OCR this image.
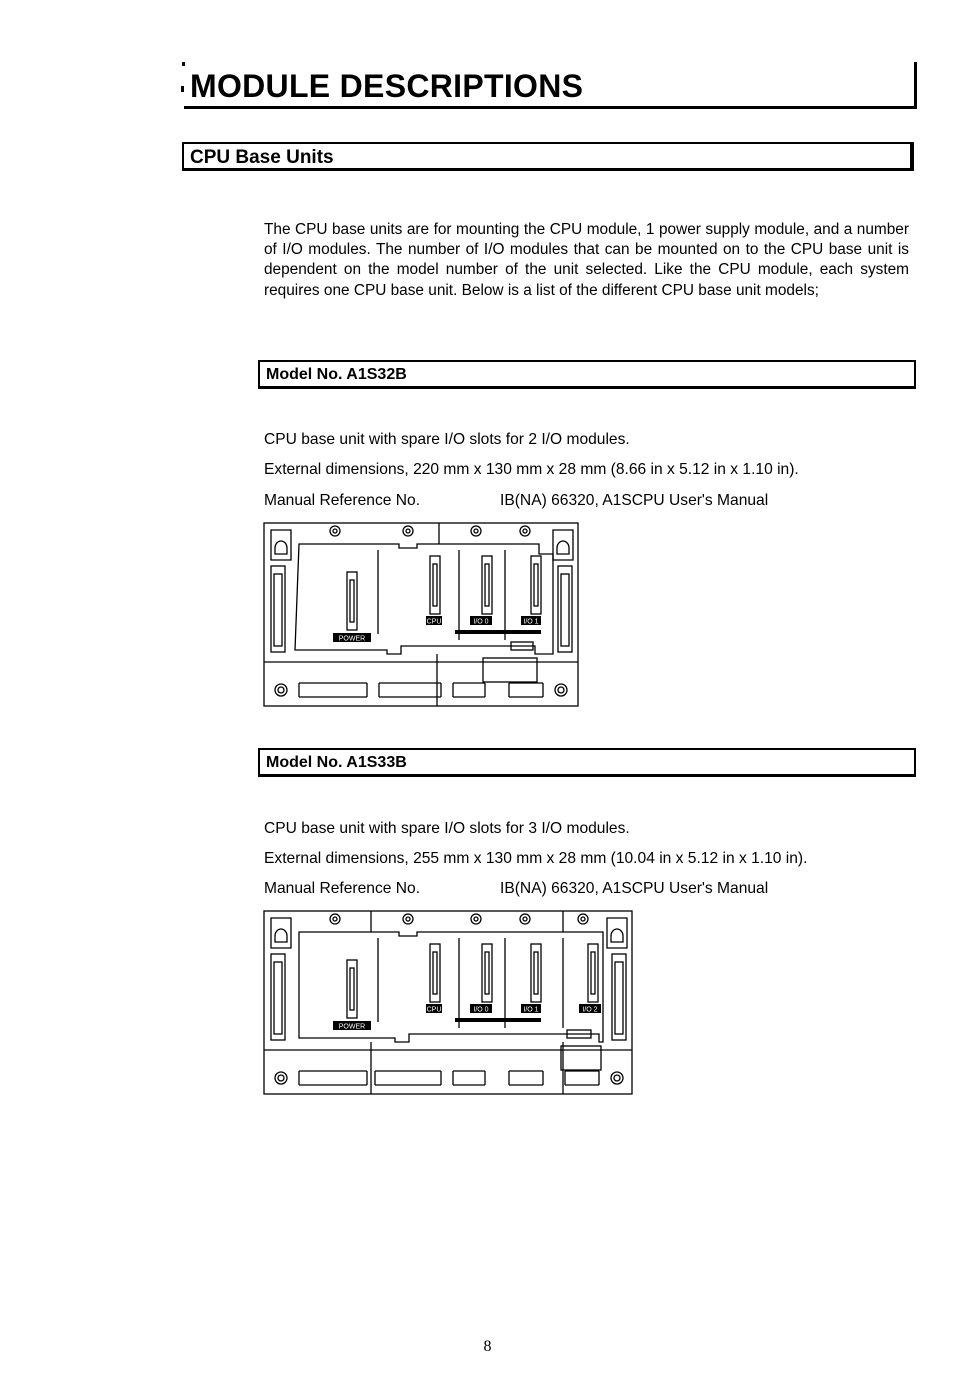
MODULE DESCRIPTIONS
CPU Base Units
The CPU base units are for mounting the CPU module, 1 power supply module, and a number of I/O modules. The number of I/O modules that can be mounted on to the CPU base unit is dependent on the model number of the unit selected. Like the CPU module, each system requires one CPU base unit. Below is a list of the different CPU base unit models;
Model No. A1S32B
CPU base unit with spare I/O slots for 2 I/O modules.
External dimensions, 220 mm x 130 mm x 28 mm (8.66 in x 5.12 in x 1.10 in).
Manual Reference No.	IB(NA) 66320, A1SCPU User's Manual
POWER
CPU	I/O 0	I/O 1
Model No. A1S33B
CPU base unit with spare I/O slots for 3 I/O modules.
External dimensions, 255 mm x 130 mm x 28 mm (10.04 in x 5.12 in x 1.10 in).
Manual Reference No.	IB(NA) 66320, A1SCPU User's Manual
POWER
CPU	I/O 0	I/O 1	I/O 2
8
